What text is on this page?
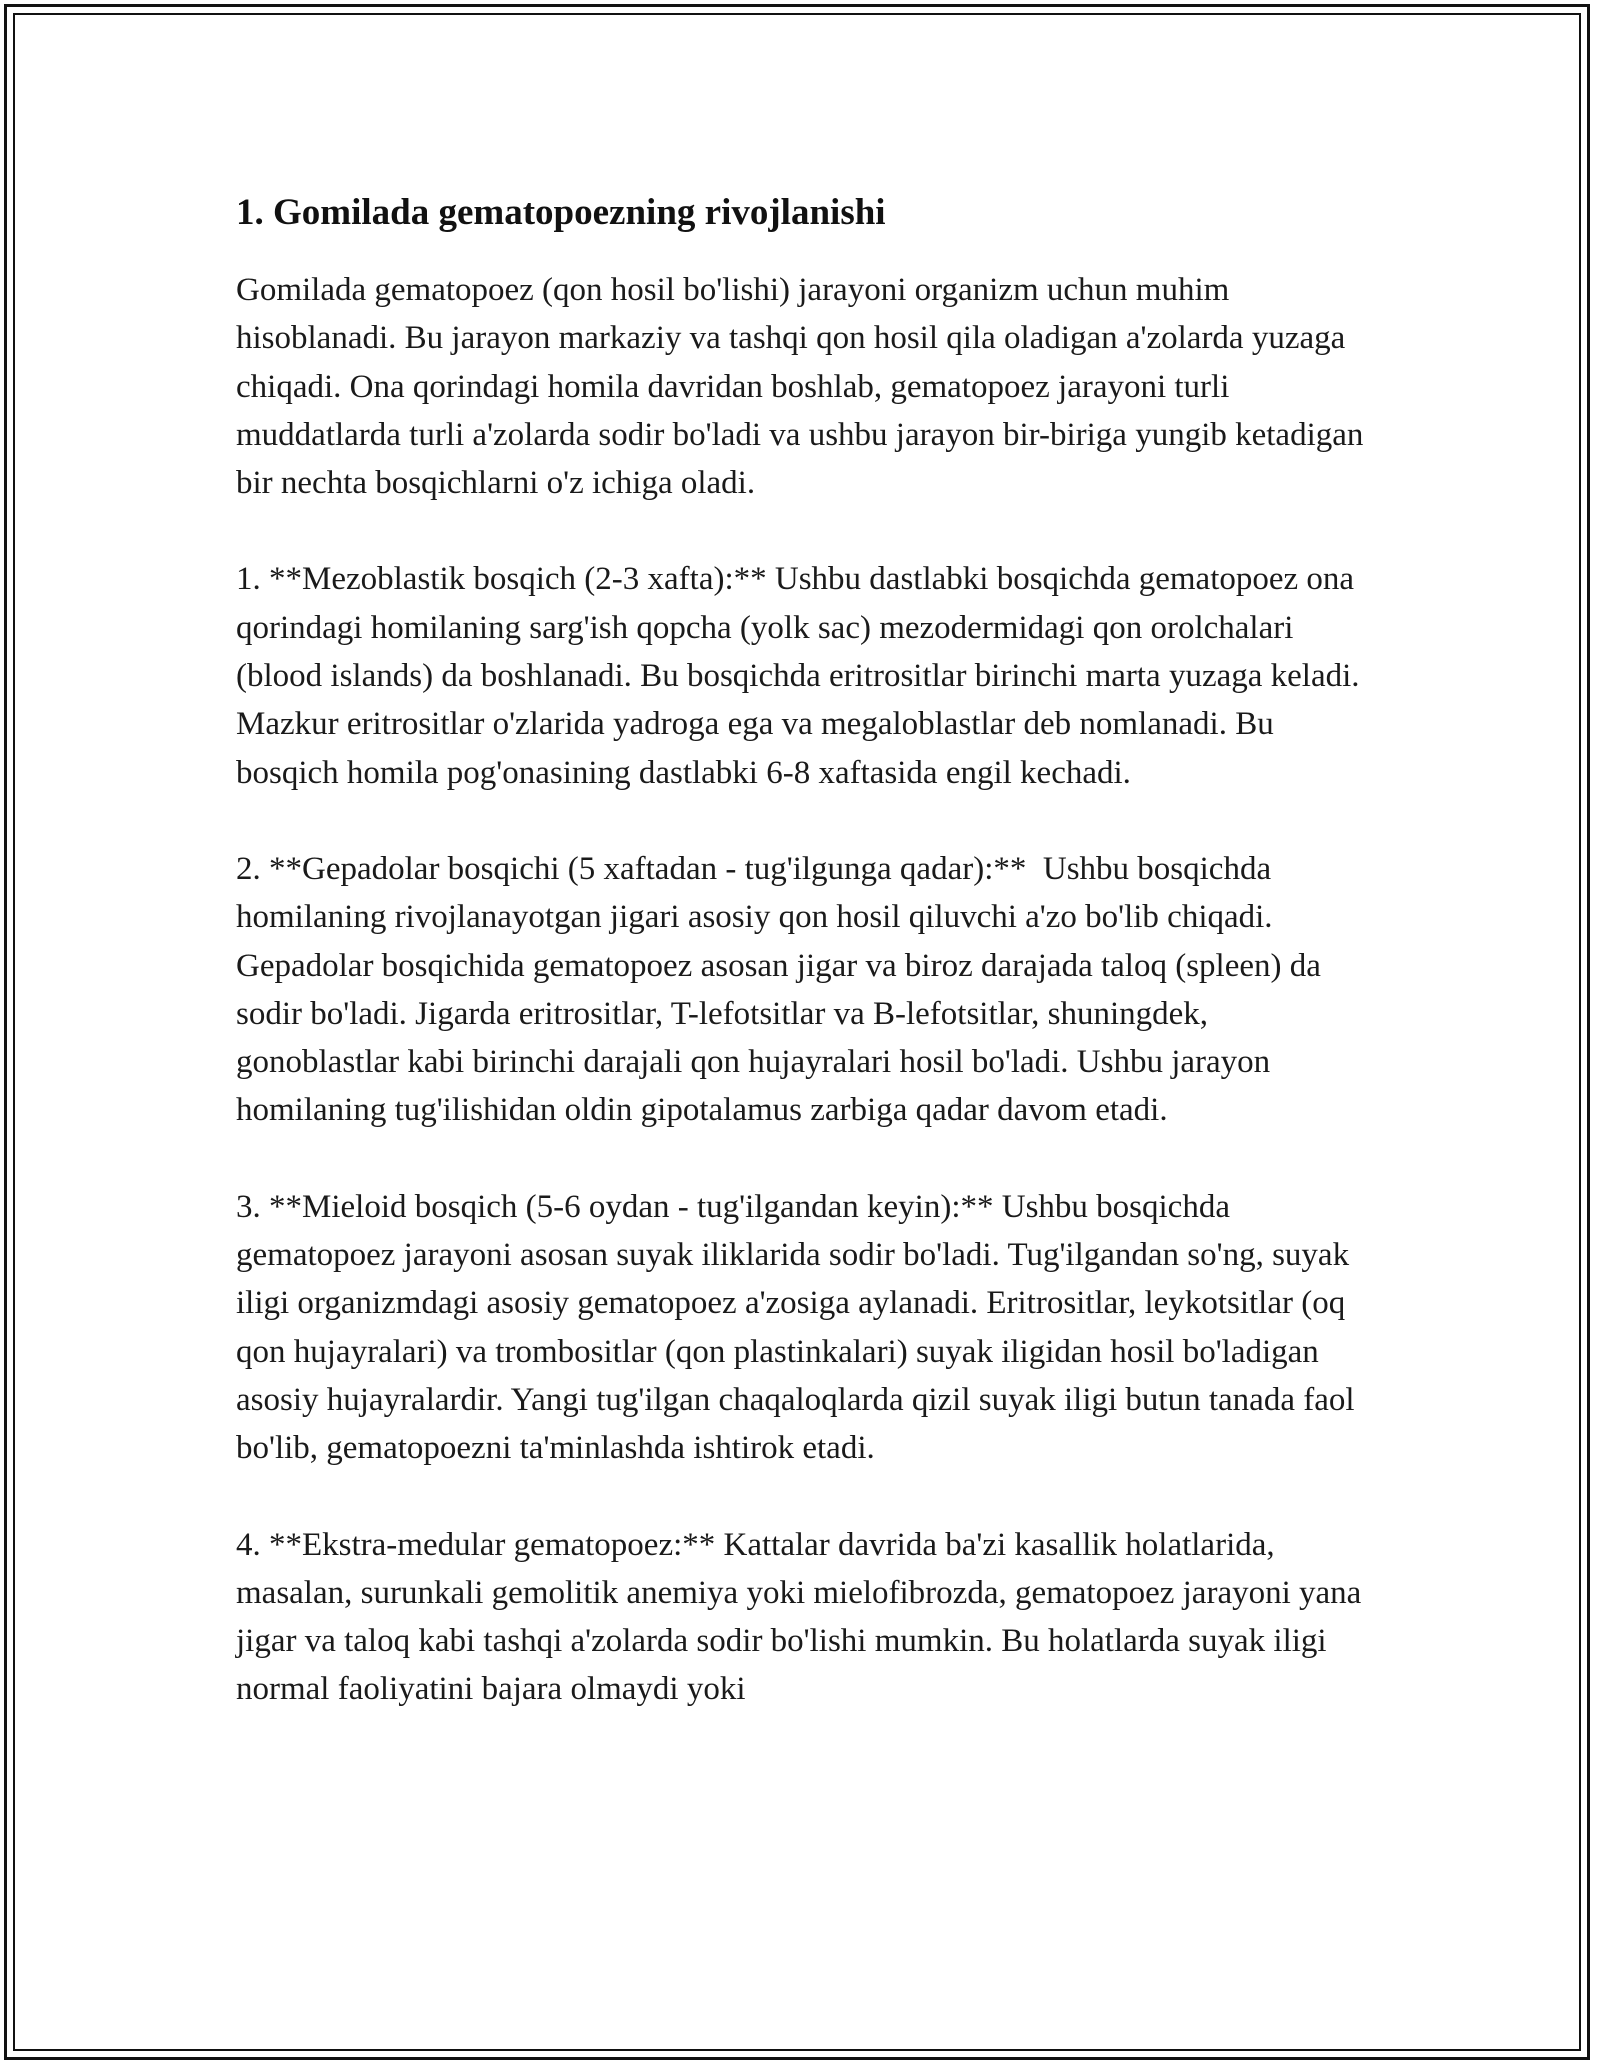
1. Gomilada gematopoezning rivojlanishi

Gomilada gematopoez (qon hosil bo'lishi) jarayoni organizm uchun muhim hisoblanadi. Bu jarayon markaziy va tashqi qon hosil qila oladigan a'zolarda yuzaga chiqadi. Ona qorindagi homila davridan boshlab, gematopoez jarayoni turli muddatlarda turli a'zolarda sodir bo'ladi va ushbu jarayon bir-biriga yungib ketadigan bir nechta bosqichlarni o'z ichiga oladi.

1. **Mezoblastik bosqich (2-3 xafta):** Ushbu dastlabki bosqichda gematopoez ona qorindagi homilaning sarg'ish qopcha (yolk sac) mezodermidagi qon orolchalari (blood islands) da boshlanadi. Bu bosqichda eritrositlar birinchi marta yuzaga keladi. Mazkur eritrositlar o'zlarida yadroga ega va megaloblastlar deb nomlanadi. Bu bosqich homila pog'onasining dastlabki 6-8 xaftasida engil kechadi.

2. **Gepadolar bosqichi (5 xaftadan - tug'ilgunga qadar):**  Ushbu bosqichda homilaning rivojlanayotgan jigari asosiy qon hosil qiluvchi a'zo bo'lib chiqadi. Gepadolar bosqichida gematopoez asosan jigar va biroz darajada taloq (spleen) da sodir bo'ladi. Jigarda eritrositlar, T-lefotsitlar va B-lefotsitlar, shuningdek, gonoblastlar kabi birinchi darajali qon hujayralari hosil bo'ladi. Ushbu jarayon homilaning tug'ilishidan oldin gipotalamus zarbiga qadar davom etadi.

3. **Mieloid bosqich (5-6 oydan - tug'ilgandan keyin):** Ushbu bosqichda gematopoez jarayoni asosan suyak iliklarida sodir bo'ladi. Tug'ilgandan so'ng, suyak iligi organizmdagi asosiy gematopoez a'zosiga aylanadi. Eritrositlar, leykotsitlar (oq qon hujayralari) va trombositlar (qon plastinkalari) suyak iligidan hosil bo'ladigan asosiy hujayralardir. Yangi tug'ilgan chaqaloqlarda qizil suyak iligi butun tanada faol bo'lib, gematopoezni ta'minlashda ishtirok etadi.

4. **Ekstra-medular gematopoez:** Kattalar davrida ba'zi kasallik holatlarida, masalan, surunkali gemolitik anemiya yoki mielofibrozda, gematopoez jarayoni yana jigar va taloq kabi tashqi a'zolarda sodir bo'lishi mumkin. Bu holatlarda suyak iligi normal faoliyatini bajara olmaydi yoki
